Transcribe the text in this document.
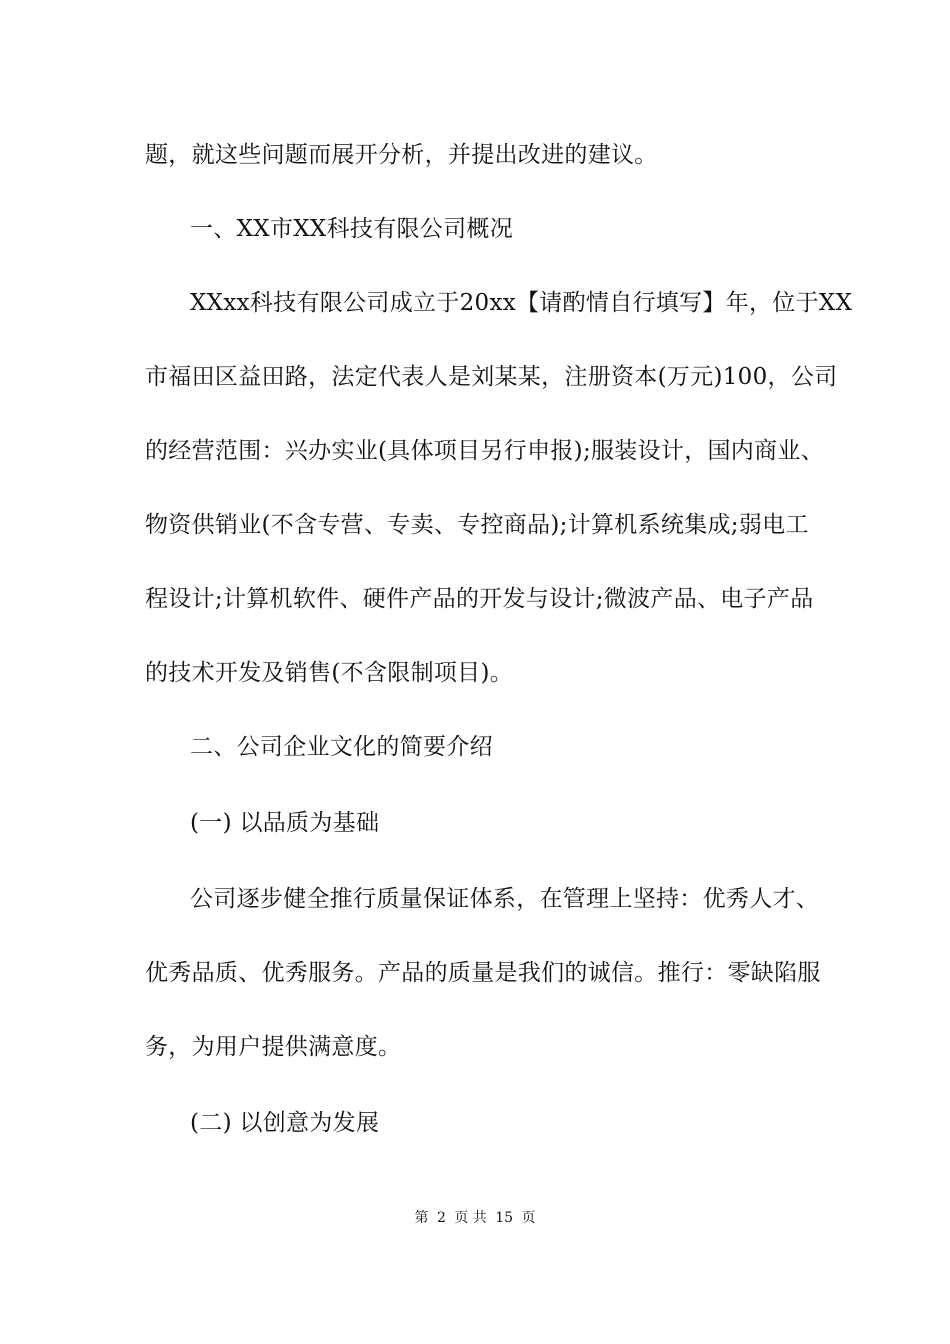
题，就这些问题而展开分析，并提出改进的建议。
一、XX市XX科技有限公司概况
XXxx科技有限公司成立于20xx【请酌情自行填写】年，位于XX
市福田区益田路，法定代表人是刘某某，注册资本(万元)100，公司
的经营范围：兴办实业(具体项目另行申报);服装设计，国内商业、
物资供销业(不含专营、专卖、专控商品);计算机系统集成;弱电工
程设计;计算机软件、硬件产品的开发与设计;微波产品、电子产品
的技术开发及销售(不含限制项目)。
二、公司企业文化的简要介绍
(一) 以品质为基础
公司逐步健全推行质量保证体系，在管理上坚持：优秀人才、
优秀品质、优秀服务。产品的质量是我们的诚信。推行：零缺陷服
务，为用户提供满意度。
(二) 以创意为发展
第 2 页 共 15 页
